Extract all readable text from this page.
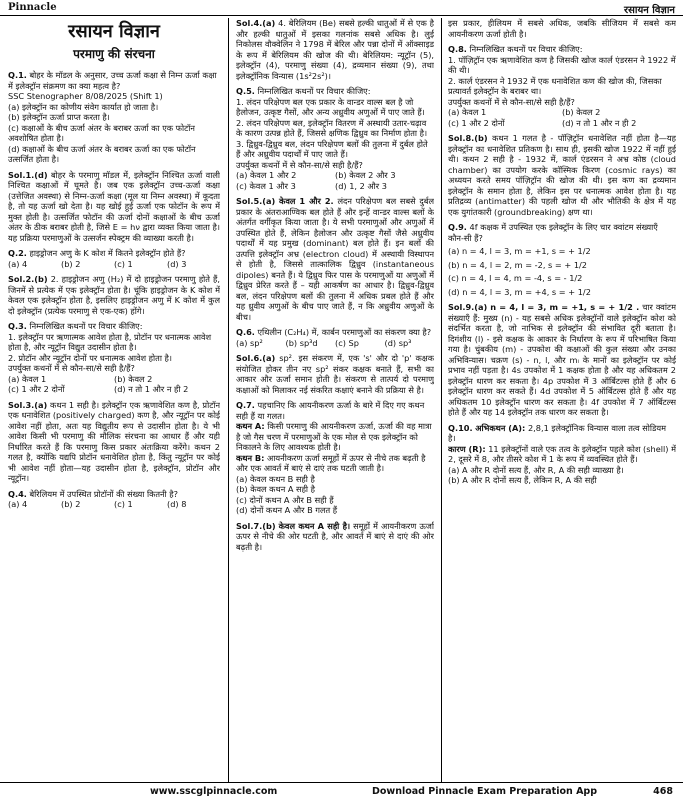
Pinnacle	रसायन विज्ञान
रसायन विज्ञान
परमाणु की संरचना
Q.1. बोहर के मॉडल के अनुसार, उच्च ऊर्जा कक्षा से निम्न ऊर्जा कक्षा में इलेक्ट्रॉन संक्रमण का क्या महत्व है?
SSC Stenographer 8/08/2025 (Shift 1)
(a) इलेक्ट्रॉन का कोणीय संवेग कार्यात हो जाता है।
(b) इलेक्ट्रॉन ऊर्जा प्राप्त करता है।
(c) कक्षाओं के बीच ऊर्जा अंतर के बराबर ऊर्जा का एक फोटॉन अवशोषित होता है।
(d) कक्षाओं के बीच ऊर्जा अंतर के बराबर ऊर्जा का एक फोटॉन उत्सर्जित होता है।
Sol.1.(d) बोहर के परमाणु मॉडल में, इलेक्ट्रॉन निश्चित ऊर्जा वाली निश्चित कक्षाओं में घूमते है। जब एक इलेक्ट्रॉन उच्च-ऊर्जा कक्षा (उत्तेजित अवस्था) से निम्न-ऊर्जा कक्षा (मूल या निम्न अवस्था) में कूदता है, तो यह ऊर्जा खो देता है। यह खोई हुई ऊर्जा एक फोटॉन के रूप में मुक्त होती है। उत्सर्जित फोटॉन की ऊर्जा दोनों कक्षाओं के बीच ऊर्जा अंतर के ठीक बराबर होती है, जिसे E = hν द्वारा व्यक्त किया जाता है। यह प्रक्रिया परमाणुओं के उत्सर्जन स्पेक्ट्रम की व्याख्या करती है।
Q.2. हाइड्रोजन अणु के K कोश में कितने इलेक्ट्रॉन होते हैं?
(a) 4	(b) 2	(c) 1	(d) 3
Sol.2.(b) 2. हाइड्रोजन अणु (H₂) में दो हाइड्रोजन परमाणु होते हैं, जिनमें से प्रत्येक में एक इलेक्ट्रॉन होता है। चूंकि हाइड्रोजन के K कोश में केवल एक इलेक्ट्रॉन होता है, इसलिए हाइड्रोजन अणु में K कोश में कुल दो इलेक्ट्रॉन (प्रत्येक परमाणु से एक-एक) होंगे।
Q.3. निम्नलिखित कथनों पर विचार कीजिए:
1. इलेक्ट्रॉन पर ऋणात्मक आवेश होता है, प्रोटॉन पर धनात्मक आवेश होता है, और न्यूट्रॉन विद्युत उदासीन होता है।
2. प्रोटॉन और न्यूट्रॉन दोनों पर धनात्मक आवेश होता है।
उपर्युक्त कथनों में से कौन-सा/से सही है/हैं?
(a) केवल 1	(b) केवल 2
(c) 1 और 2 दोनों	(d) न तो 1 और न ही 2
Sol.3.(a) कथन 1 सही है। इलेक्ट्रॉन एक ऋणावेशित कण है, प्रोटॉन एक धनावेशित (positively charged) कण है, और न्यूट्रॉन पर कोई आवेश नहीं होता, अतः यह विद्युतीय रूप से उदासीन होता है। ये भी आवेश किसी भी परमाणु की मौलिक संरचना का आधार हैं और यही निर्धारित करते हैं कि परमाणु किस प्रकार अंतःक्रिया करेंगे। कथन 2 गलत है, क्योंकि यद्यपि प्रोटॉन धनावेशित होता है, किंतु न्यूट्रॉन पर कोई भी आवेश नहीं होता—यह उदासीन होता है, इलेक्ट्रॉन, प्रोटॉन और न्यूट्रॉन।
Q.4. बेरिलियम में उपस्थित प्रोटॉनों की संख्या कितनी है?
(a) 4	(b) 2	(c) 1	(d) 8
Sol.4.(a) 4. बेरिलियम (Be) सबसे हल्की धातुओं में से एक है और हल्की धातुओं में इसका गलनांक सबसे अधिक है। लुई निकोलस वौक्वेलिन ने 1798 में बेरिल और पन्ना दोनों में ऑक्साइड के रूप में बेरिलियम की खोज की थी। बेरिलियम: न्यूट्रॉन (5), इलेक्ट्रॉन (4), परमाणु संख्या (4), द्रव्यमान संख्या (9), तथा इलेक्ट्रॉनिक विन्यास (1s²2s²)।
Q.5. निम्नलिखित कथनों पर विचार कीजिए:
1. लंदन परिक्षेपण बल एक प्रकार के वान्डर वाल्स बल है जो हैलोजन, उत्कृष्ट गैसों, और अन्य अध्रुवीय अणुओं में पाए जाते हैं।
2. लंदन परिक्षेपण बल, इलेक्ट्रॉन वितरण में अस्थायी उतार-चढ़ाव के कारण उत्पन्न होते हैं, जिससे क्षणिक द्विध्रुव का निर्माण होता है।
3. द्विध्रुव-द्विध्रुव बल, लंदन परिक्षेपण बलों की तुलना में दुर्बल होते हैं और अध्रुवीय पदार्थों में पाए जाते हैं।
उपर्युक्त कथनों में से कौन-सा/से सही है/हैं?
(a) केवल 1 और 2	(b) केवल 2 और 3
(c) केवल 1 और 3	(d) 1, 2 और 3
Sol.5.(a) केवल 1 और 2. लंदन परिक्षेपण बल सबसे दुर्बल प्रकार के अंतराआण्विक बल होते हैं और इन्हें वान्डर वाल्स बलों के अंतर्गत वर्गीकृत किया जाता है। ये सभी परमाणुओं और अणुओं में उपस्थित होते हैं, लेकिन हैलोजन और उत्कृष्ट गैसों जैसे अध्रुवीय पदार्थों में यह प्रमुख (dominant) बल होते हैं। इन बलों की उत्पत्ति इलेक्ट्रॉन अभ्र (electron cloud) में अस्थायी विस्थापन से होती है, जिससे तात्कालिक द्विध्रुव (instantaneous dipoles) बनते हैं। ये द्विध्रुव फिर पास के परमाणुओं या अणुओं में द्विध्रुव प्रेरित करते हैं – यही आकर्षण का आधार है। द्विध्रुव-द्विध्रुव बल, लंदन परिक्षेपण बलों की तुलना में अधिक प्रबल होते हैं और यह ध्रुवीय अणुओं के बीच पाए जाते हैं, न कि अध्रुवीय अणुओं के बीच।
Q.6. एथिलीन (C₂H₄) में, कार्बन परमाणुओं का संकरण क्या है?
(a) sp²	(b) sp³d	(c) Sp	(d) sp³
Sol.6.(a) sp². इस संकरण में, एक 's' और दो 'p' कक्षक संयोजित होकर तीन नए sp² संकर कक्षक बनाते हैं, सभी का आकार और ऊर्जा समान होती है। संकरण से तात्पर्य दो परमाणु कक्षाओं को मिलाकर नई संकरित कक्षाएं बनाने की प्रक्रिया से है।
Q.7. पहचानिए कि आयनीकरण ऊर्जा के बारे में दिए गए कथन सही हैं या गलत।
कथन A: किसी परमाणु की आयनीकरण ऊर्जा, ऊर्जा की वह मात्रा है जो गैस चरण में परमाणुओं के एक मोल से एक इलेक्ट्रॉन को निकालने के लिए आवश्यक होती है।
कथन B: आयनीकरण ऊर्जा समूहों में ऊपर से नीचे तक बढ़ती है और एक आवर्त में बाएं से दाएं तक घटती जाती है।
(a) केवल कथन B सही है
(b) केवल कथन A सही है
(c) दोनों कथन A और B सही हैं
(d) दोनों कथन A और B गलत हैं
Sol.7.(b) केवल कथन A सही है। समूहों में आयनीकरण ऊर्जा ऊपर से नीचे की ओर घटती है, और आवर्त में बाएं से दाएं की ओर बढ़ती है।
इस प्रकार, हीलियम में सबसे अधिक, जबकि सीजियम में सबसे कम आयनीकरण ऊर्जा होती है।
Q.8. निम्नलिखित कथनों पर विचार कीजिए:
1. पॉज़िट्रॉन एक ऋणावेशित कण है जिसकी खोज कार्ल एंडरसन ने 1922 में की थी।
2. कार्ल एंडरसन ने 1932 में एक धनावेशित कण की खोज की, जिसका प्रत्यावर्त इलेक्ट्रॉन के बराबर था।
उपर्युक्त कथनों में से कौन-सा/से सही है/हैं?
(a) केवल 1	(b) केवल 2
(c) 1 और 2 दोनों	(d) न तो 1 और न ही 2
Sol.8.(b) कथन 1 गलत है - पॉज़िट्रॉन धनावेशित नहीं होता है—यह इलेक्ट्रॉन का धनावेशित प्रतिकण है। साथ ही, इसकी खोज 1922 में नहीं हुई थी। कथन 2 सही है - 1932 में, कार्ल एंडरसन ने अभ्र कोष्ठ (cloud chamber) का उपयोग करके कॉस्मिक किरण (cosmic rays) का अध्ययन करते समय पॉज़िट्रॉन की खोज की थी। इस कण का द्रव्यमान इलेक्ट्रॉन के समान होता है, लेकिन इस पर धनात्मक आवेश होता है। यह प्रतिद्रव्य (antimatter) की पहली खोज थी और भौतिकी के क्षेत्र में यह एक युगांतकारी (groundbreaking) क्षण था।
Q.9. 4f कक्षक में उपस्थित एक इलेक्ट्रॉन के लिए चार क्वांटम संख्याएँ कौन-सी हैं?
(a) n = 4, l = 3, m = +1, s = + 1/2
(b) n = 4, l = 2, m = -2, s = + 1/2
(c) n = 4, l = 4, m = -4, s = - 1/2
(d) n = 4, l = 3, m = +4, s = + 1/2
Sol.9.(a) n = 4, l = 3, m = +1, s = + 1/2 . चार क्वांटम संख्याएँ हैं: मुख्य (n) - यह सबसे अधिक इलेक्ट्रॉनों वाले इलेक्ट्रॉन कोश को संदर्भित करता है, जो नाभिक से इलेक्ट्रॉन की संभावित दूरी बताता है। दिगंशीय (l) - इसे कक्षक के आकार के निर्धारण के रूप में परिभाषित किया गया है। चुंबकीय (m) - उपकोश की कक्षाओं की कुल संख्या और उनका अभिविन्यास। चक्रण (s) - n, l, और mₗ के मानों का इलेक्ट्रॉन पर कोई प्रभाव नहीं पड़ता है। 4s उपकोश में 1 कक्षक होता है और यह अधिकतम 2 इलेक्ट्रॉन धारण कर सकता है। 4p उपकोश में 3 ऑर्बिटल्स होते हैं और 6 इलेक्ट्रॉन धारण कर सकते हैं। 4d उपकोश में 5 ऑर्बिटल्स होते हैं और यह अधिकतम 10 इलेक्ट्रॉन धारण कर सकता है। 4f उपकोश में 7 ऑर्बिटल्स होते हैं और यह 14 इलेक्ट्रॉन तक धारण कर सकता है।
Q.10. अभिकथन (A): 2,8,1 इलेक्ट्रॉनिक विन्यास वाला तत्व सोडियम है।
कारण (R): 11 इलेक्ट्रॉनों वाले एक तत्व के इलेक्ट्रॉन पहले कोश (shell) में 2, दूसरे में 8, और तीसरे कोश में 1 के रूप में व्यवस्थित होते हैं।
(a) A और R दोनों सत्य हैं, और R, A की सही व्याख्या है।
(b) A और R दोनों सत्य हैं, लेकिन R, A की सही
www.sscglpinnacle.com	Download Pinnacle Exam Preparation App	468
